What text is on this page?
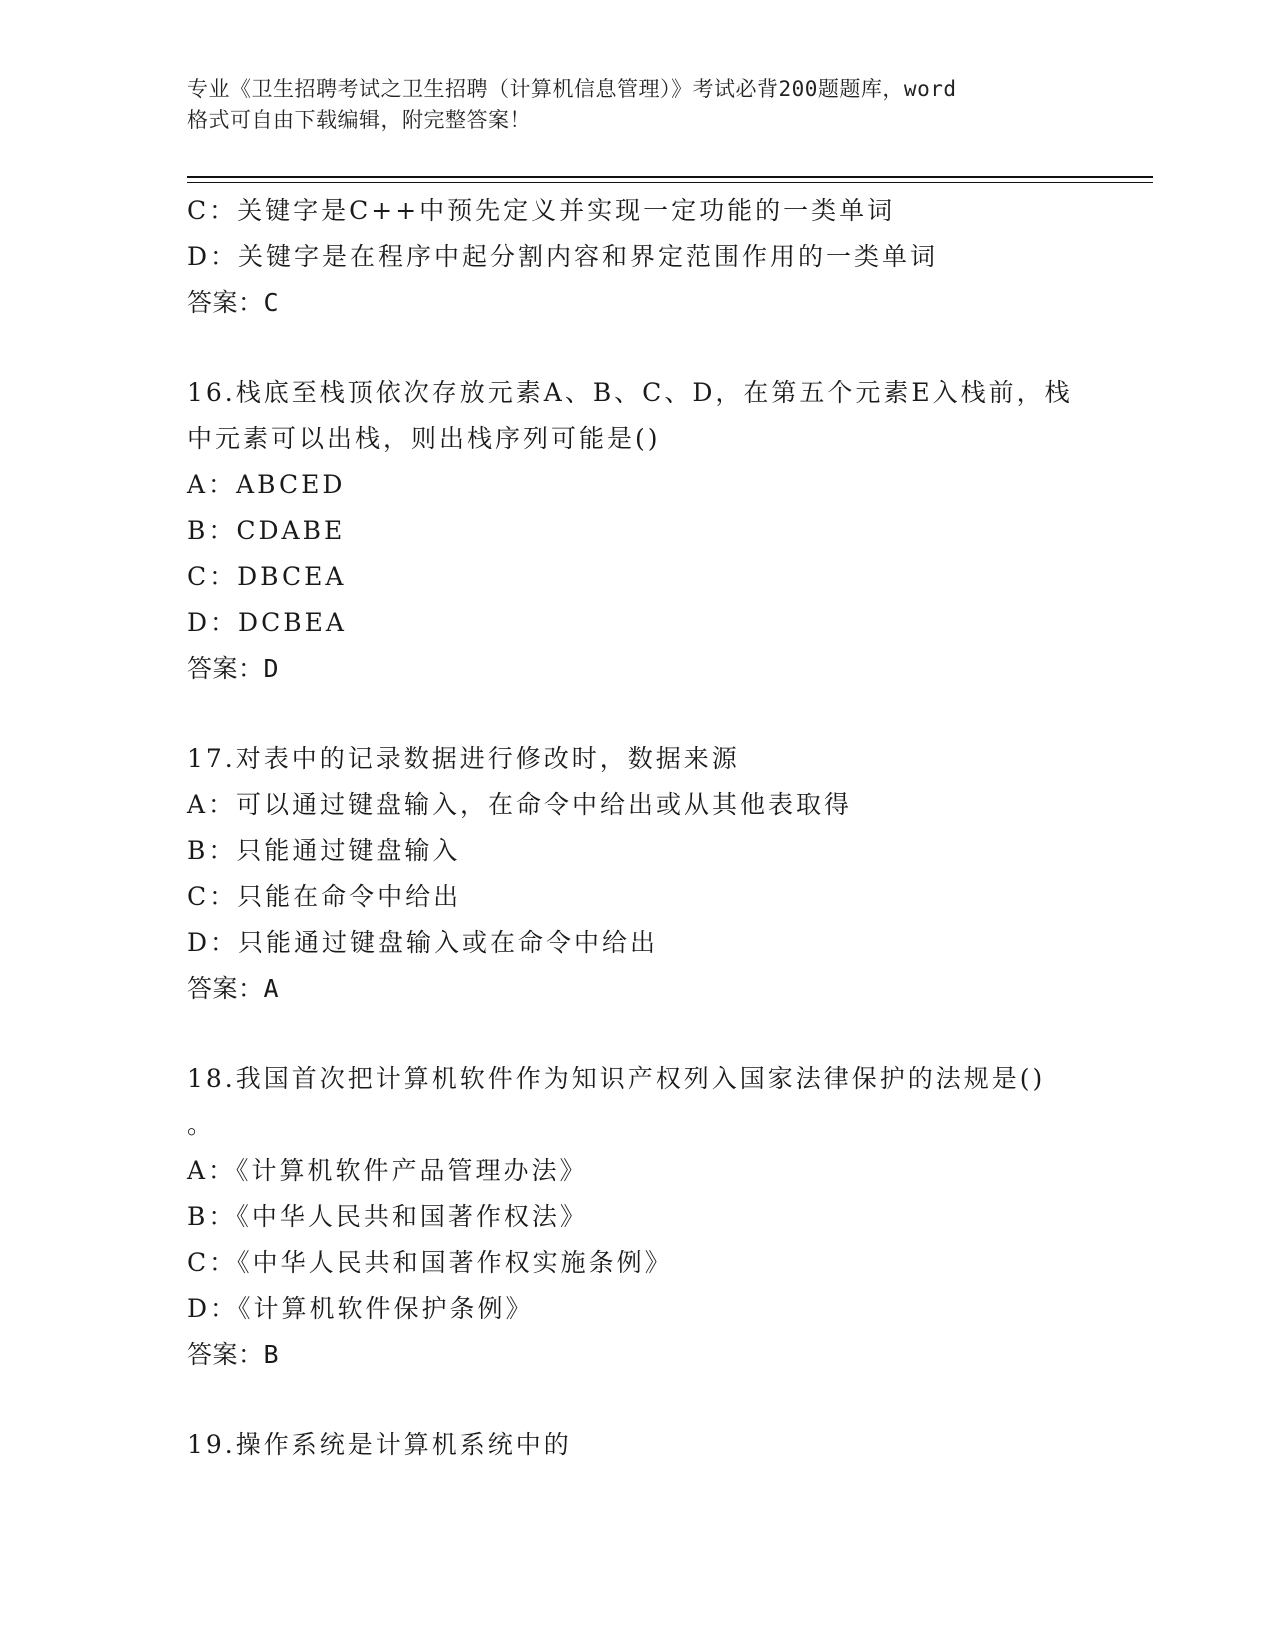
专业《卫生招聘考试之卫生招聘（计算机信息管理）》考试必背200题题库，word
格式可自由下载编辑，附完整答案！
C：关键字是C++中预先定义并实现一定功能的一类单词
D：关键字是在程序中起分割内容和界定范围作用的一类单词
答案：C
16.栈底至栈顶依次存放元素A、B、C、D，在第五个元素E入栈前，栈
中元素可以出栈，则出栈序列可能是()
A：ABCED
B：CDABE
C：DBCEA
D：DCBEA
答案：D
17.对表中的记录数据进行修改时，数据来源
A：可以通过键盘输入，在命令中给出或从其他表取得
B：只能通过键盘输入
C：只能在命令中给出
D：只能通过键盘输入或在命令中给出
答案：A
18.我国首次把计算机软件作为知识产权列入国家法律保护的法规是()
。
A：《计算机软件产品管理办法》
B：《中华人民共和国著作权法》
C：《中华人民共和国著作权实施条例》
D：《计算机软件保护条例》
答案：B
19.操作系统是计算机系统中的
